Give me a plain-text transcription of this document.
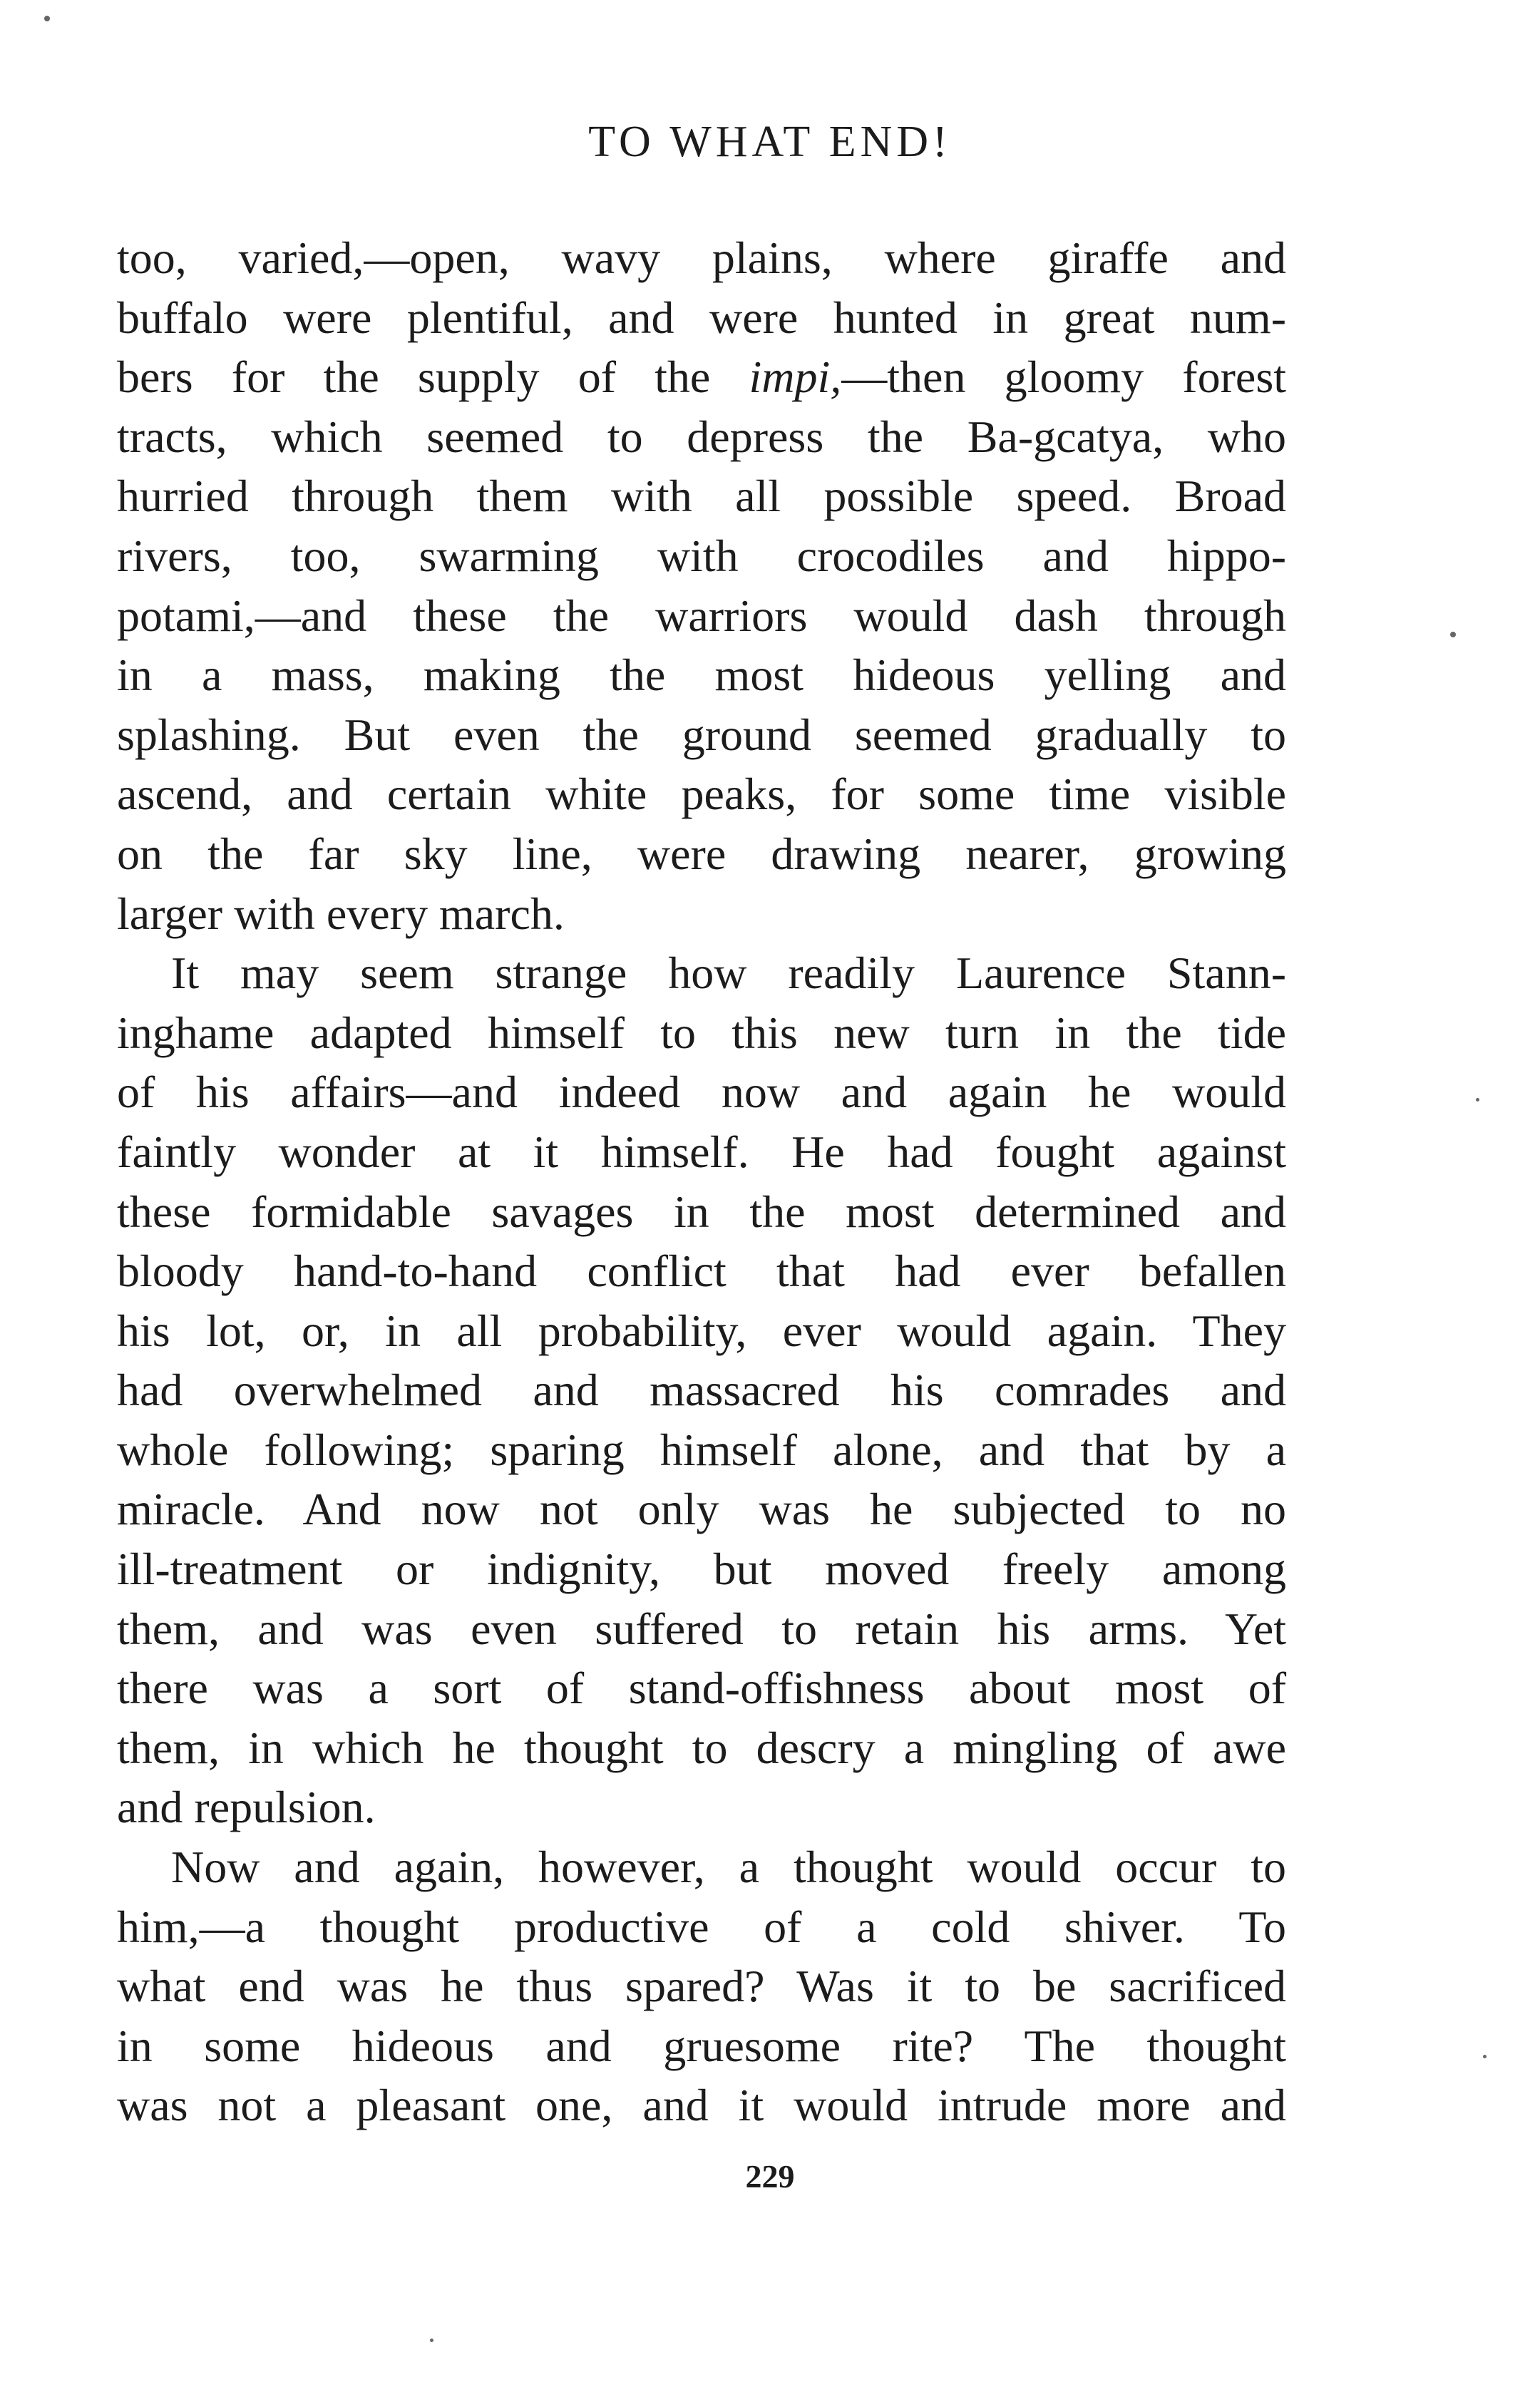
TO WHAT END!
too, varied,—open, wavy plains, where giraffe and
buffalo were plentiful, and were hunted in great num-
bers for the supply of the impi,—then gloomy forest
tracts, which seemed to depress the Ba-gcatya, who
hurried through them with all possible speed. Broad
rivers, too, swarming with crocodiles and hippo-
potami,—and these the warriors would dash through
in a mass, making the most hideous yelling and
splashing. But even the ground seemed gradually to
ascend, and certain white peaks, for some time visible
on the far sky line, were drawing nearer, growing
larger with every march.
It may seem strange how readily Laurence Stann-
inghame adapted himself to this new turn in the tide
of his affairs—and indeed now and again he would
faintly wonder at it himself. He had fought against
these formidable savages in the most determined and
bloody hand-to-hand conflict that had ever befallen
his lot, or, in all probability, ever would again. They
had overwhelmed and massacred his comrades and
whole following; sparing himself alone, and that by a
miracle. And now not only was he subjected to no
ill-treatment or indignity, but moved freely among
them, and was even suffered to retain his arms. Yet
there was a sort of stand-offishness about most of
them, in which he thought to descry a mingling of awe
and repulsion.
Now and again, however, a thought would occur to
him,—a thought productive of a cold shiver. To
what end was he thus spared? Was it to be sacrificed
in some hideous and gruesome rite? The thought
was not a pleasant one, and it would intrude more and
229
